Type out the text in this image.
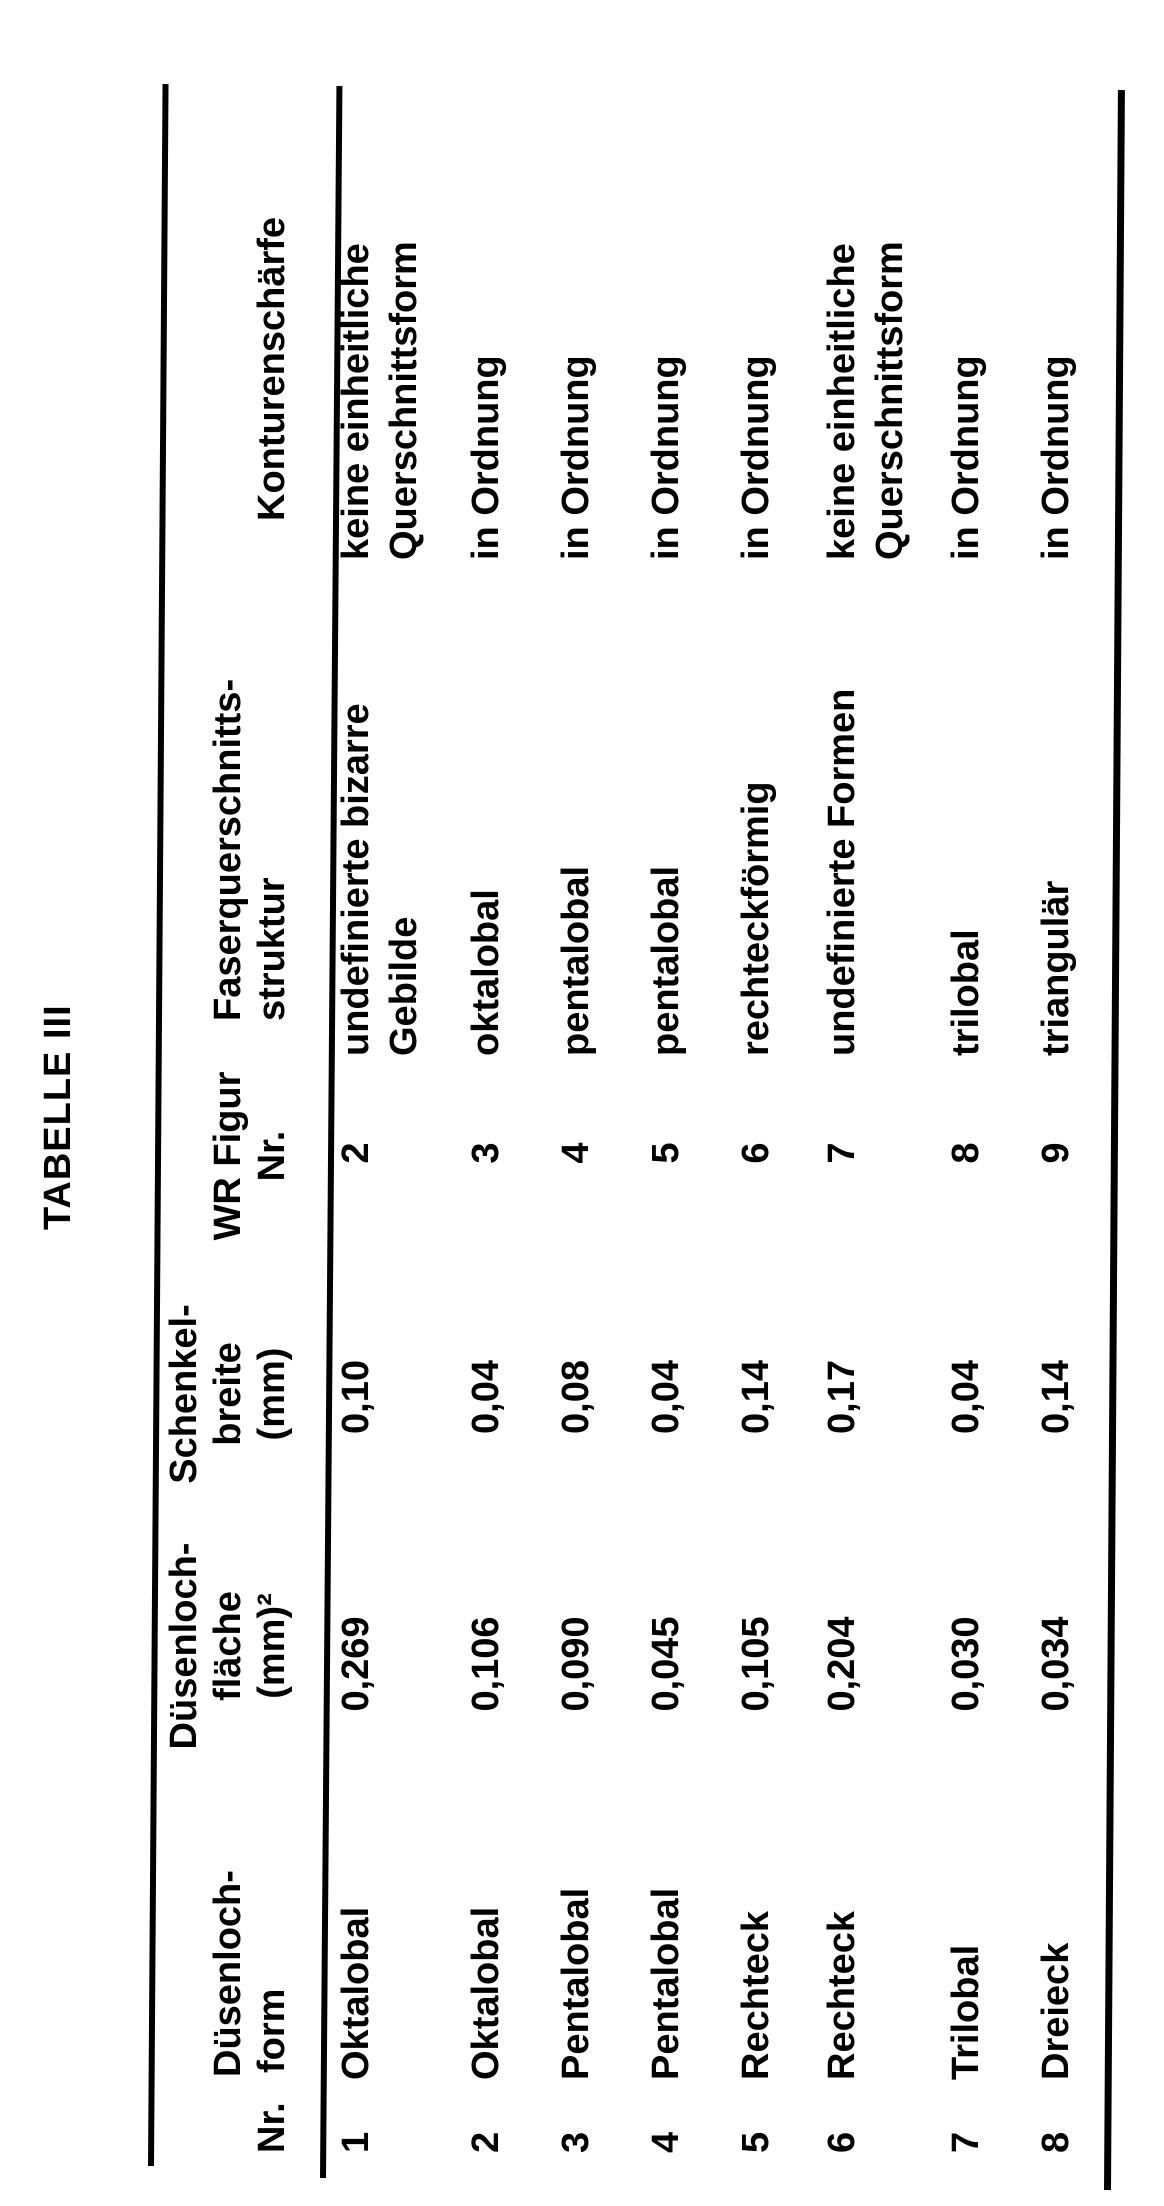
TABELLE III
Düsenloch-
Nr.
form
Düsenloch- fläche (mm)²
Schenkel- breite (mm)
WR Figur Nr.
Faserquerschnitts- struktur
Konturenschärfe
1
Oktalobal
0,269
0,10
2
undefinierte bizarre Gebilde
keine einheitliche Querschnittsform
2
Oktalobal
0,106
0,04
3
oktalobal
in Ordnung
3
Pentalobal
0,090
0,08
4
pentalobal
in Ordnung
4
Pentalobal
0,045
0,04
5
pentalobal
in Ordnung
5
Rechteck
0,105
0,14
6
rechteckförmig
in Ordnung
6
Rechteck
0,204
0,17
7
undefinierte Formen
keine einheitliche Querschnittsform
7
Trilobal
0,030
0,04
8
trilobal
in Ordnung
8
Dreieck
0,034
0,14
9
triangulär
in Ordnung
